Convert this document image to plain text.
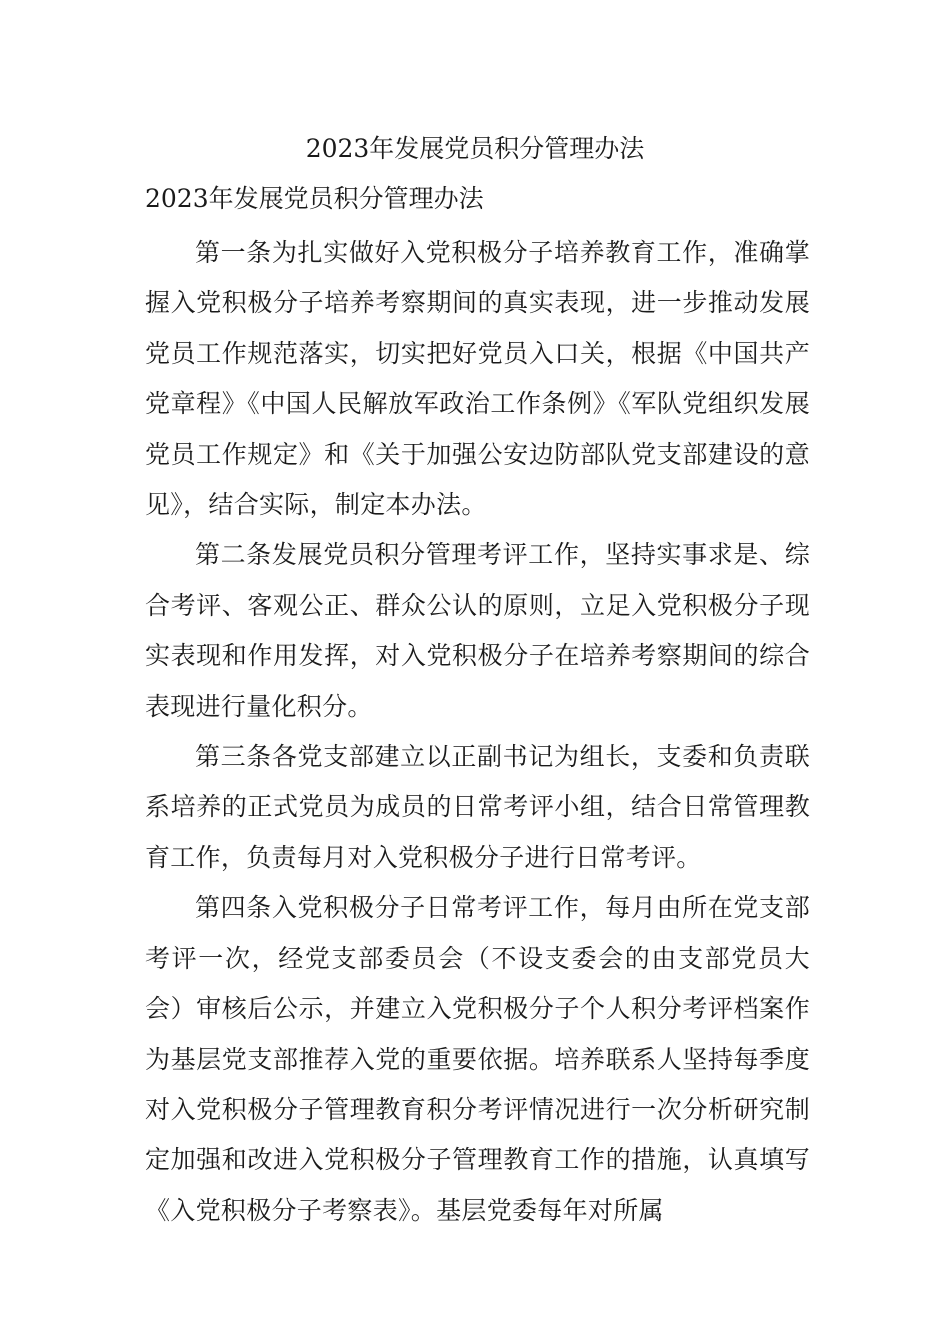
2023年发展党员积分管理办法
2023年发展党员积分管理办法

第一条为扎实做好入党积极分子培养教育工作，准确掌握入党积极分子培养考察期间的真实表现，进一步推动发展党员工作规范落实，切实把好党员入口关，根据《中国共产党章程》《中国人民解放军政治工作条例》《军队党组织发展党员工作规定》和《关于加强公安边防部队党支部建设的意见》，结合实际，制定本办法。

第二条发展党员积分管理考评工作，坚持实事求是、综合考评、客观公正、群众公认的原则，立足入党积极分子现实表现和作用发挥，对入党积极分子在培养考察期间的综合表现进行量化积分。

第三条各党支部建立以正副书记为组长，支委和负责联系培养的正式党员为成员的日常考评小组，结合日常管理教育工作，负责每月对入党积极分子进行日常考评。

第四条入党积极分子日常考评工作，每月由所在党支部考评一次，经党支部委员会（不设支委会的由支部党员大会）审核后公示，并建立入党积极分子个人积分考评档案作为基层党支部推荐入党的重要依据。培养联系人坚持每季度对入党积极分子管理教育积分考评情况进行一次分析研究制定加强和改进入党积极分子管理教育工作的措施，认真填写《入党积极分子考察表》。基层党委每年对所属
